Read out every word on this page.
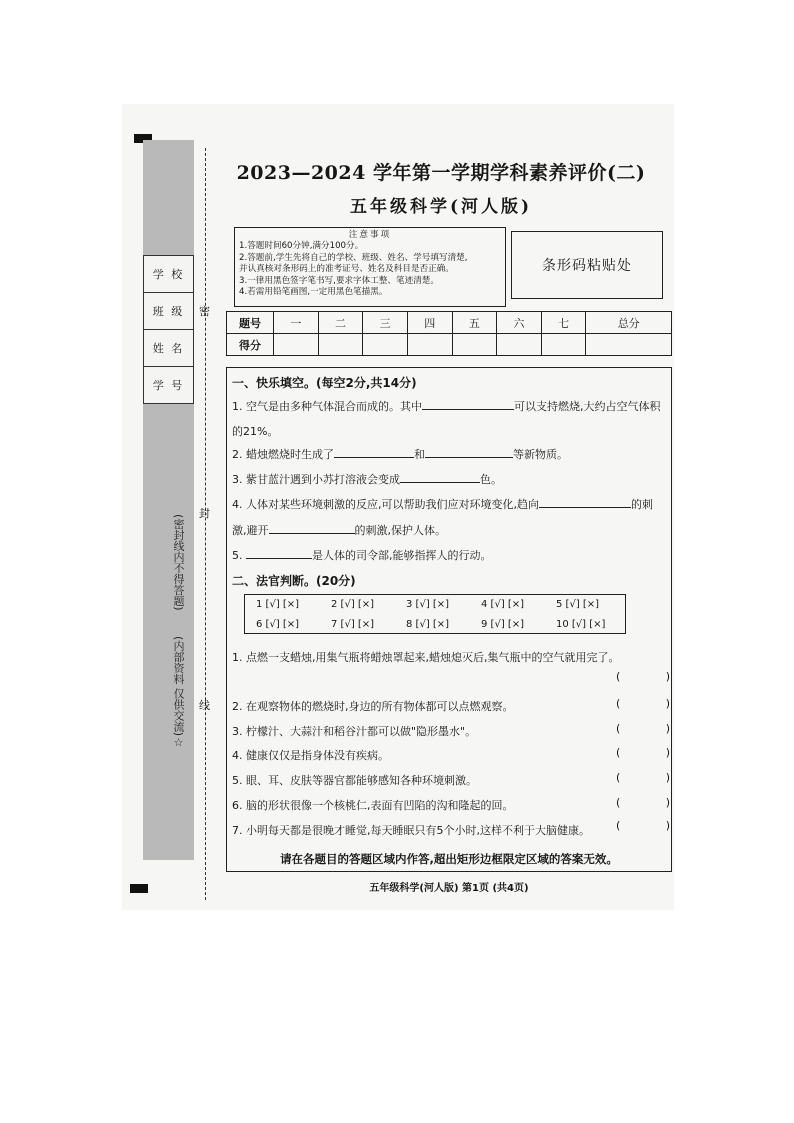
学 校
班 级
姓 名
学 号
(密封线内不得答题)
(内部资料 仅供交流)☆
密
封
线
2023—2024 学年第一学期学科素养评价(二)
五年级科学(河人版)
注意事项
1.答题时间60分钟,满分100分。
2.答题前,学生先将自己的学校、班级、姓名、学号填写清楚,
并认真核对条形码上的准考证号、姓名及科目是否正确。
3.一律用黑色签字笔书写,要求字体工整、笔迹清楚。
4.若需用铅笔画图,一定用黑色笔描黑。
条形码粘贴处
题号	一	二	三	四	五	六	七	总分
得分								
一、快乐填空。(每空2分,共14分)
1. 空气是由多种气体混合而成的。其中	可以支持燃烧,大约占空气体积
的21%。
2. 蜡烛燃烧时生成了	和	等新物质。
3. 紫甘蓝汁遇到小苏打溶液会变成	色。
4. 人体对某些环境刺激的反应,可以帮助我们应对环境变化,趋向	的刺
激,避开	的刺激,保护人体。
5.	是人体的司令部,能够指挥人的行动。
二、法官判断。(20分)
1 [√] [×]	2 [√] [×]	3 [√] [×]	4 [√] [×]	5 [√] [×]
6 [√] [×]	7 [√] [×]	8 [√] [×]	9 [√] [×]	10 [√] [×]
1. 点燃一支蜡烛,用集气瓶将蜡烛罩起来,蜡烛熄灭后,集气瓶中的空气就用完了。
(	)
2. 在观察物体的燃烧时,身边的所有物体都可以点燃观察。	(	)
3. 柠檬汁、大蒜汁和稻谷汁都可以做"隐形墨水"。	(	)
4. 健康仅仅是指身体没有疾病。	(	)
5. 眼、耳、皮肤等器官都能够感知各种环境刺激。	(	)
6. 脑的形状很像一个核桃仁,表面有凹陷的沟和隆起的回。	(	)
7. 小明每天都是很晚才睡觉,每天睡眠只有5个小时,这样不利于大脑健康。 (	)
请在各题目的答题区域内作答,超出矩形边框限定区域的答案无效。
五年级科学(河人版) 第1页 (共4页)
